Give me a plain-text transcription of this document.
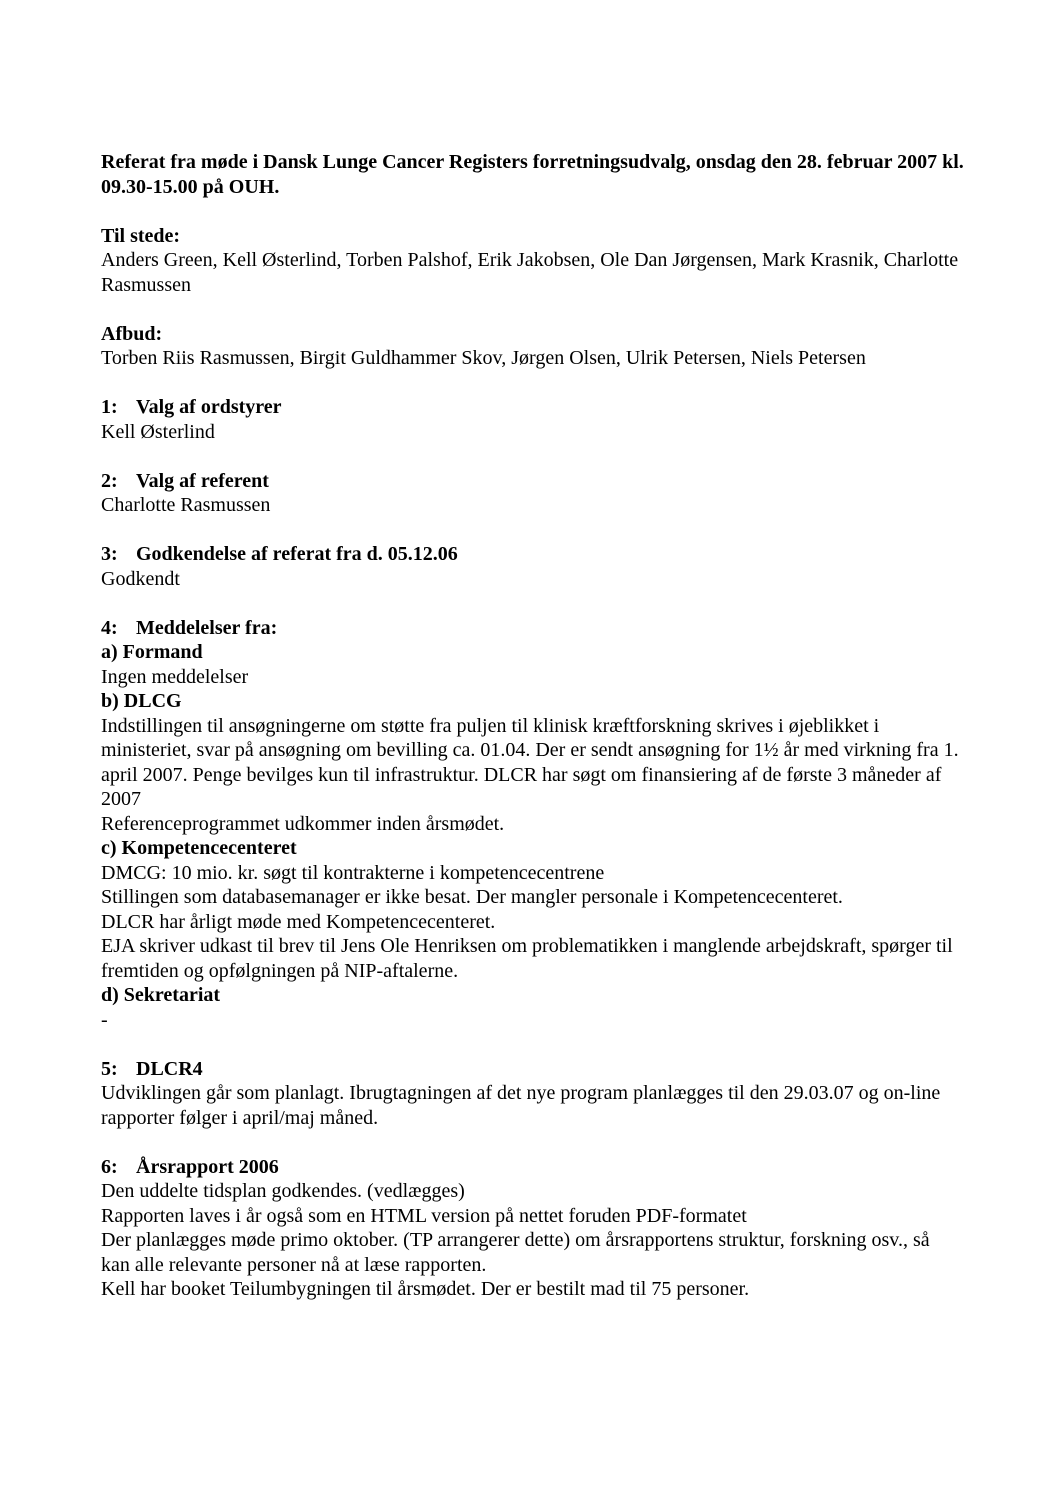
Referat fra møde i Dansk Lunge Cancer Registers forretningsudvalg, onsdag den 28. februar 2007 kl. 09.30-15.00 på OUH.

Til stede:

Anders Green, Kell Østerlind, Torben Palshof, Erik Jakobsen, Ole Dan Jørgensen, Mark Krasnik, Charlotte Rasmussen

Afbud:

Torben Riis Rasmussen, Birgit Guldhammer Skov, Jørgen Olsen, Ulrik Petersen, Niels Petersen

1: Valg af ordstyrer

Kell Østerlind

2: Valg af referent

Charlotte Rasmussen

3: Godkendelse af referat fra d. 05.12.06

Godkendt

4: Meddelelser fra:

a) Formand

Ingen meddelelser

b) DLCG

Indstillingen til ansøgningerne om støtte fra puljen til klinisk kræftforskning skrives i øjeblikket i ministeriet, svar på ansøgning om bevilling ca. 01.04. Der er sendt ansøgning for 1½ år med virkning fra 1. april 2007. Penge bevilges kun til infrastruktur. DLCR har søgt om finansiering af de første 3 måneder af 2007

Referenceprogrammet udkommer inden årsmødet.

c) Kompetencecenteret

DMCG: 10 mio. kr. søgt til kontrakterne i kompetencecentrene

Stillingen som databasemanager er ikke besat. Der mangler personale i Kompetencecenteret.

DLCR har årligt møde med Kompetencecenteret.

EJA skriver udkast til brev til Jens Ole Henriksen om problematikken i manglende arbejdskraft, spørger til fremtiden og opfølgningen på NIP-aftalerne.

d) Sekretariat

-

5: DLCR4

Udviklingen går som planlagt. Ibrugtagningen af det nye program planlægges til den 29.03.07 og on-line rapporter følger i april/maj måned.

6: Årsrapport 2006

Den uddelte tidsplan godkendes. (vedlægges)

Rapporten laves i år også som en HTML version på nettet foruden PDF-formatet

Der planlægges møde primo oktober. (TP arrangerer dette) om årsrapportens struktur, forskning osv., så kan alle relevante personer nå at læse rapporten.

Kell har booket Teilumbygningen til årsmødet. Der er bestilt mad til 75 personer.
